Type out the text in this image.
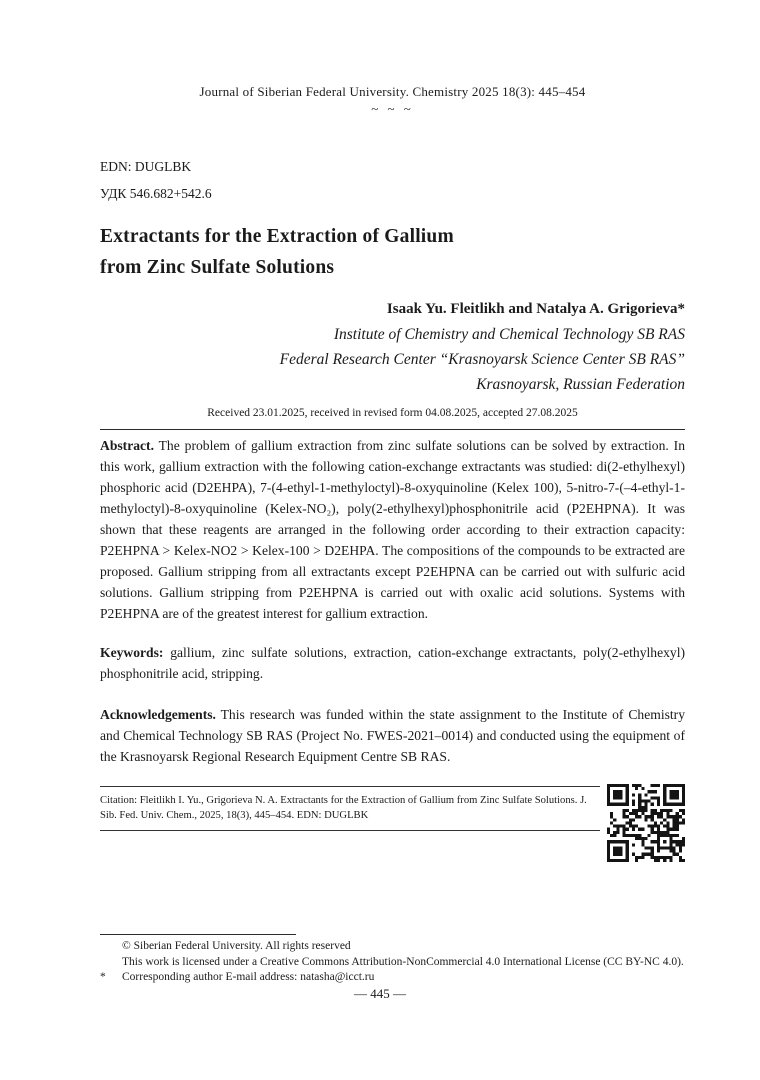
Journal of Siberian Federal University. Chemistry 2025 18(3): 445–454
~ ~ ~
EDN: DUGLBK
УДК 546.682+542.6
Extractants for the Extraction of Gallium
from Zinc Sulfate Solutions
Isaak Yu. Fleitlikh and Natalya A. Grigorieva*
Institute of Chemistry and Chemical Technology SB RAS
Federal Research Center “Krasnoyarsk Science Center SB RAS”
Krasnoyarsk, Russian Federation
Received 23.01.2025, received in revised form 04.08.2025, accepted 27.08.2025

Abstract. The problem of gallium extraction from zinc sulfate solutions can be solved by extraction. In this work, gallium extraction with the following cation-exchange extractants was studied: di(2-ethylhexyl) phosphoric acid (D2EHPA), 7-(4-ethyl-1-methyloctyl)-8-oxyquinoline (Kelex 100), 5-nitro-7-(–4-ethyl-1-methyloctyl)-8-oxyquinoline (Kelex-NO₂), poly(2-ethylhexyl)phosphonitrile acid (P2EHPNA). It was shown that these reagents are arranged in the following order according to their extraction capacity: P2EHPNA > Kelex-NO2 > Kelex-100 > D2EHPA. The compositions of the compounds to be extracted are proposed. Gallium stripping from all extractants except P2EHPNA can be carried out with sulfuric acid solutions. Gallium stripping from P2EHPNA is carried out with oxalic acid solutions. Systems with P2EHPNA are of the greatest interest for gallium extraction.

Keywords: gallium, zinc sulfate solutions, extraction, cation-exchange extractants, poly(2-ethylhexyl) phosphonitrile acid, stripping.

Acknowledgements. This research was funded within the state assignment to the Institute of Chemistry and Chemical Technology SB RAS (Project No. FWES-2021–0014) and conducted using the equipment of the Krasnoyarsk Regional Research Equipment Centre SB RAS.

Citation: Fleitlikh I. Yu., Grigorieva N. A. Extractants for the Extraction of Gallium from Zinc Sulfate Solutions. J. Sib. Fed. Univ. Chem., 2025, 18(3), 445–454. EDN: DUGLBK
© Siberian Federal University. All rights reserved
This work is licensed under a Creative Commons Attribution-NonCommercial 4.0 International License (CC BY-NC 4.0).
*	Corresponding author E-mail address: natasha@icct.ru
— 445 —
